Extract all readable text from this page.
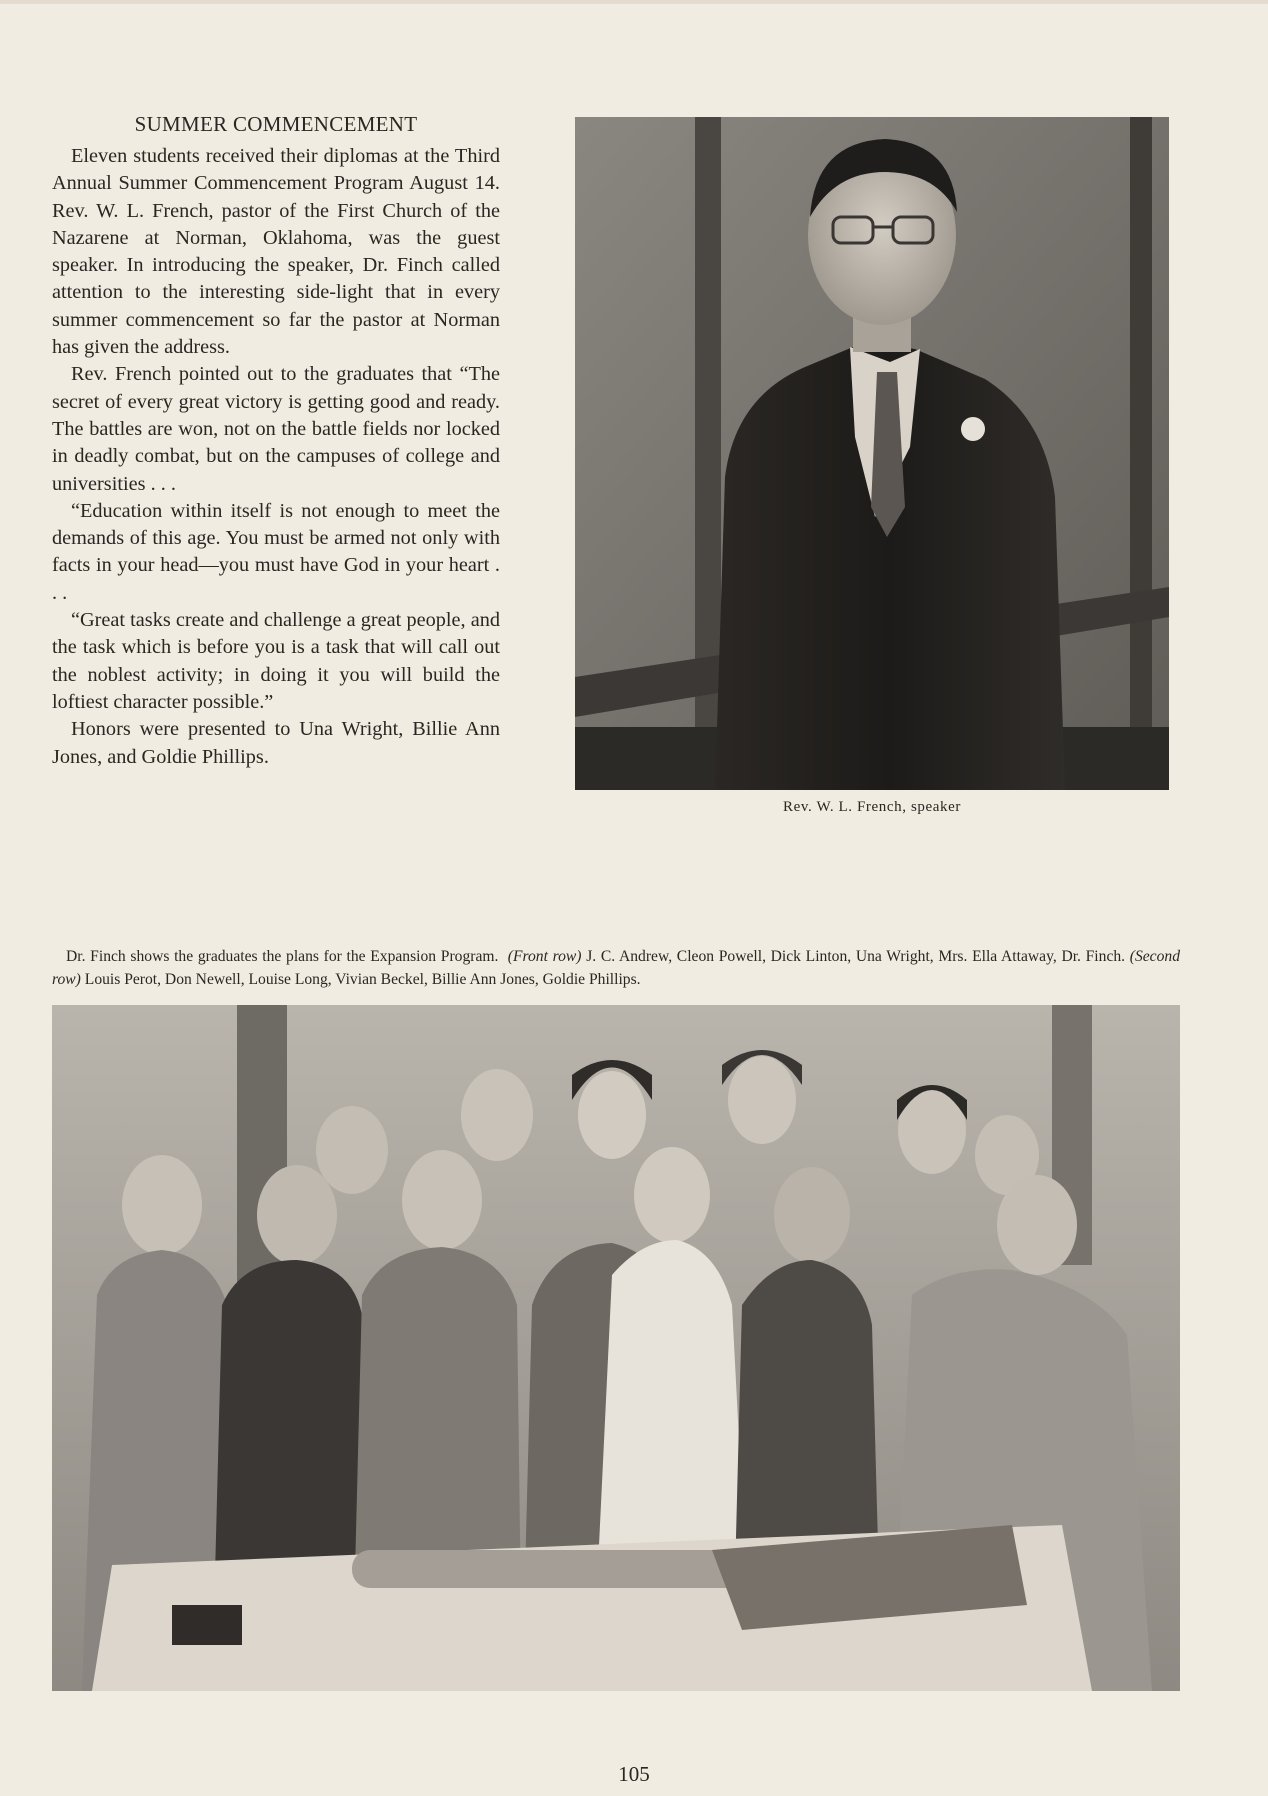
SUMMER COMMENCEMENT

Eleven students received their diplomas at the Third Annual Summer Commencement Program August 14. Rev. W. L. French, pastor of the First Church of the Nazarene at Norman, Oklahoma, was the guest speaker. In introducing the speaker, Dr. Finch called attention to the interesting side-light that in every summer commencement so far the pastor at Norman has given the address.

Rev. French pointed out to the graduates that “The secret of every great victory is getting good and ready. The battles are won, not on the battle fields nor locked in deadly combat, but on the campuses of college and universities . . .

“Education within itself is not enough to meet the demands of this age. You must be armed not only with facts in your head—you must have God in your heart . . .

“Great tasks create and challenge a great people, and the task which is before you is a task that will call out the noblest activity; in doing it you will build the loftiest character possible.”

Honors were presented to Una Wright, Billie Ann Jones, and Goldie Phillips.

Rev. W. L. French, speaker
Dr. Finch shows the graduates the plans for the Expansion Program. (Front row) J. C. Andrew, Cleon Powell, Dick Linton, Una Wright, Mrs. Ella Attaway, Dr. Finch. (Second row) Louis Perot, Don Newell, Louise Long, Vivian Beckel, Billie Ann Jones, Goldie Phillips.
105
